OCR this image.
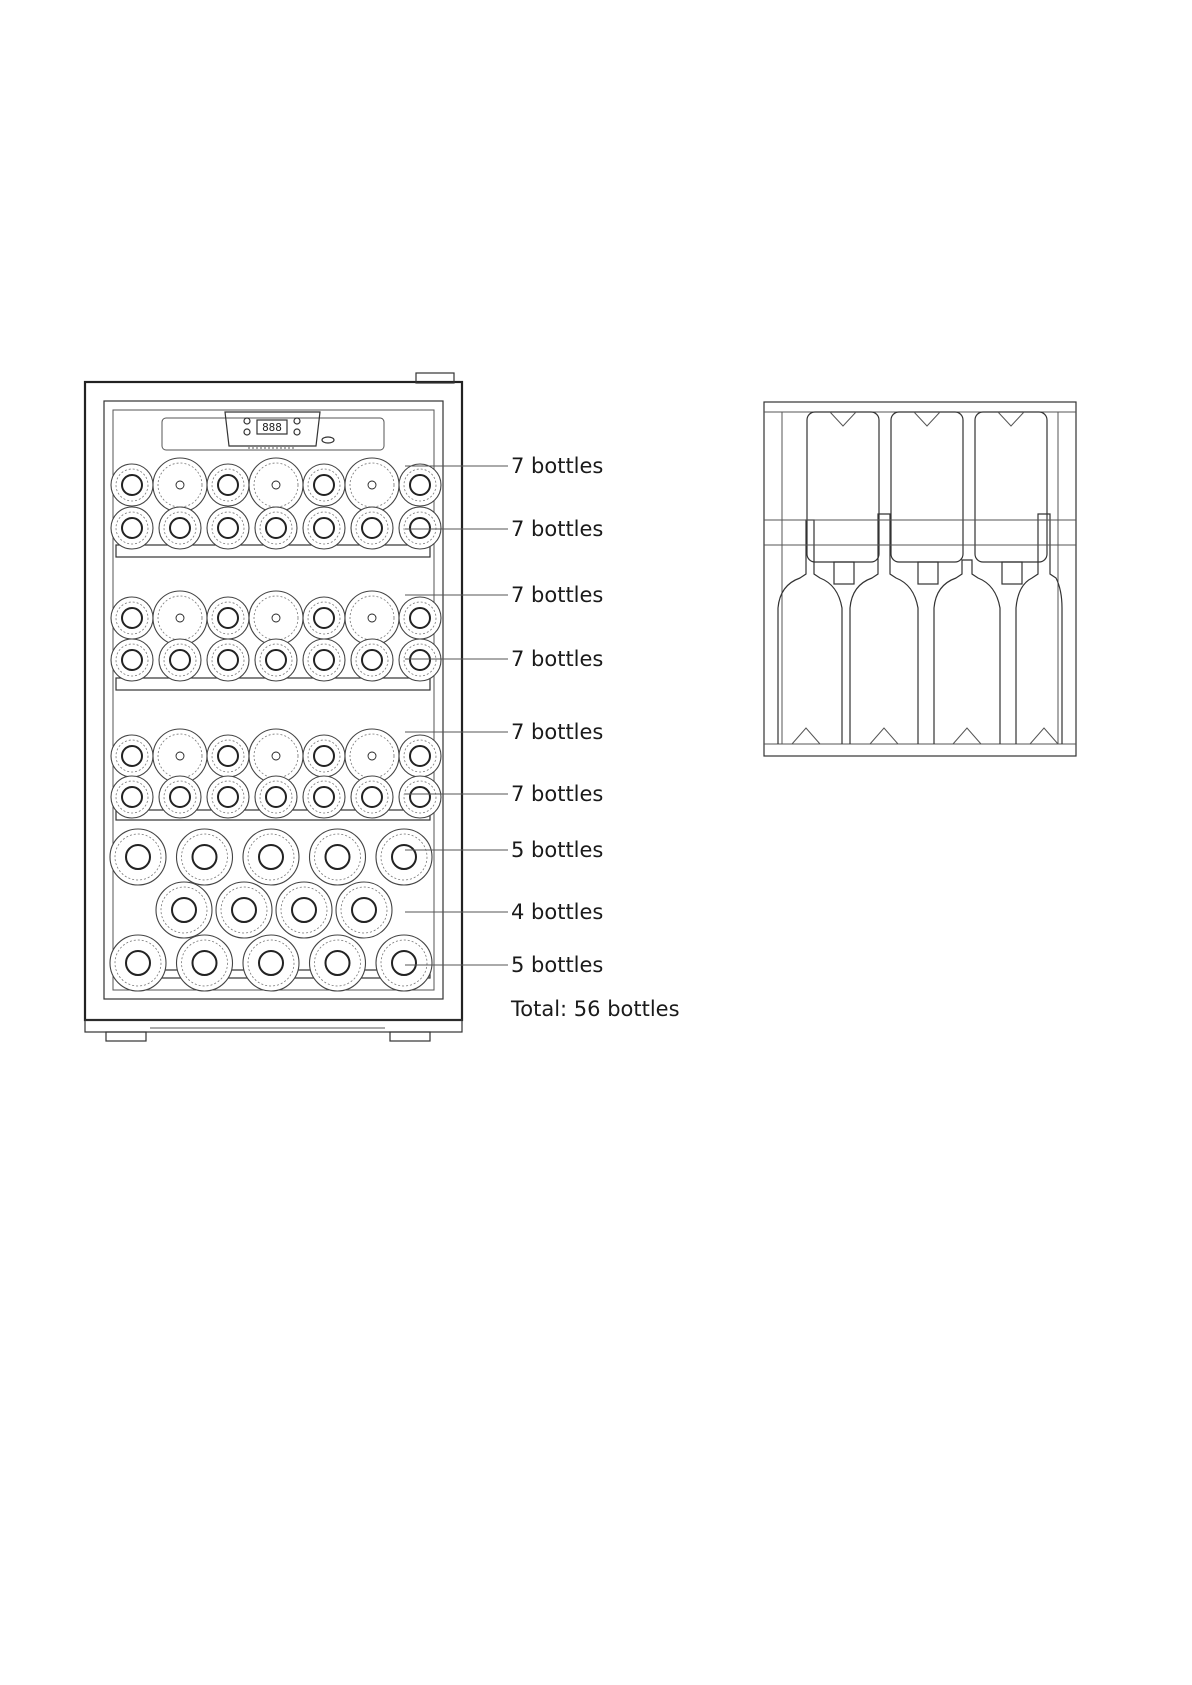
888
7 bottles
7 bottles
7 bottles
7 bottles
7 bottles
7 bottles
5 bottles
4 bottles
5 bottles
Total: 56 bottles
